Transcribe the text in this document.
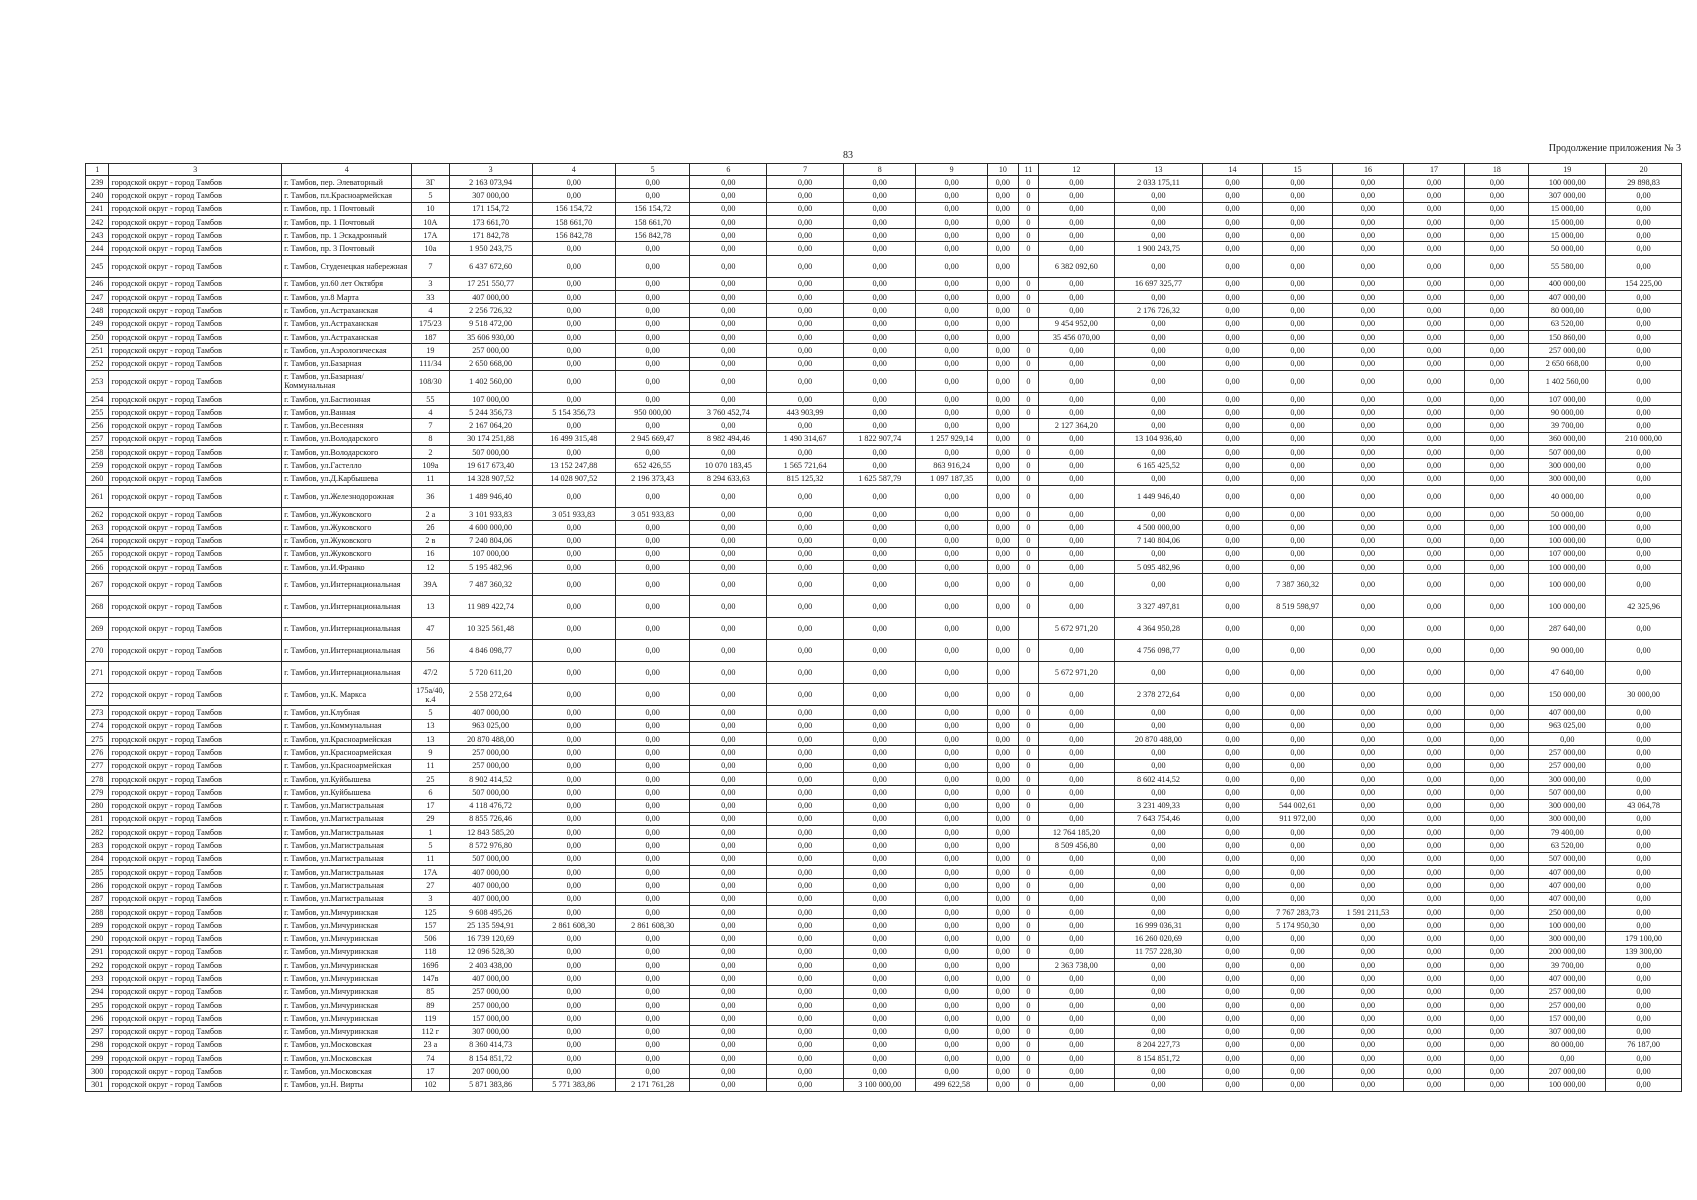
83
Продолжение приложения № 3
1	3	4		3	4	5	6	7	8	9	10	11	12	13	14	15	16	17	18	19	20
239	городской округ - город Тамбов	г. Тамбов, пер. Элеваторный	3Г	2 163 073,94	0,00	0,00	0,00	0,00	0,00	0,00	0,00	0	0,00	2 033 175,11	0,00	0,00	0,00	0,00	0,00	100 000,00	29 898,83
240	городской округ - город Тамбов	г. Тамбов, пл.Красноармейская	5	307 000,00	0,00	0,00	0,00	0,00	0,00	0,00	0,00	0	0,00	0,00	0,00	0,00	0,00	0,00	0,00	307 000,00	0,00
241	городской округ - город Тамбов	г. Тамбов, пр. 1 Почтовый	10	171 154,72	156 154,72	156 154,72	0,00	0,00	0,00	0,00	0,00	0	0,00	0,00	0,00	0,00	0,00	0,00	0,00	15 000,00	0,00
242	городской округ - город Тамбов	г. Тамбов, пр. 1 Почтовый	10А	173 661,70	158 661,70	158 661,70	0,00	0,00	0,00	0,00	0,00	0	0,00	0,00	0,00	0,00	0,00	0,00	0,00	15 000,00	0,00
243	городской округ - город Тамбов	г. Тамбов, пр. 1 Эскадронный	17А	171 842,78	156 842,78	156 842,78	0,00	0,00	0,00	0,00	0,00	0	0,00	0,00	0,00	0,00	0,00	0,00	0,00	15 000,00	0,00
244	городской округ - город Тамбов	г. Тамбов, пр. 3 Почтовый	10а	1 950 243,75	0,00	0,00	0,00	0,00	0,00	0,00	0,00	0	0,00	1 900 243,75	0,00	0,00	0,00	0,00	0,00	50 000,00	0,00
245	городской округ - город Тамбов	г. Тамбов, Студенецкая набережная	7	6 437 672,60	0,00	0,00	0,00	0,00	0,00	0,00	0,00		6 382 092,60	0,00	0,00	0,00	0,00	0,00	0,00	55 580,00	0,00
246	городской округ - город Тамбов	г. Тамбов, ул.60 лет Октября	3	17 251 550,77	0,00	0,00	0,00	0,00	0,00	0,00	0,00	0	0,00	16 697 325,77	0,00	0,00	0,00	0,00	0,00	400 000,00	154 225,00
247	городской округ - город Тамбов	г. Тамбов, ул.8 Марта	33	407 000,00	0,00	0,00	0,00	0,00	0,00	0,00	0,00	0	0,00	0,00	0,00	0,00	0,00	0,00	0,00	407 000,00	0,00
248	городской округ - город Тамбов	г. Тамбов, ул.Астраханская	4	2 256 726,32	0,00	0,00	0,00	0,00	0,00	0,00	0,00	0	0,00	2 176 726,32	0,00	0,00	0,00	0,00	0,00	80 000,00	0,00
249	городской округ - город Тамбов	г. Тамбов, ул.Астраханская	175/23	9 518 472,00	0,00	0,00	0,00	0,00	0,00	0,00	0,00		9 454 952,00	0,00	0,00	0,00	0,00	0,00	0,00	63 520,00	0,00
250	городской округ - город Тамбов	г. Тамбов, ул.Астраханская	187	35 606 930,00	0,00	0,00	0,00	0,00	0,00	0,00	0,00		35 456 070,00	0,00	0,00	0,00	0,00	0,00	0,00	150 860,00	0,00
251	городской округ - город Тамбов	г. Тамбов, ул.Аэрологическая	19	257 000,00	0,00	0,00	0,00	0,00	0,00	0,00	0,00	0	0,00	0,00	0,00	0,00	0,00	0,00	0,00	257 000,00	0,00
252	городской округ - город Тамбов	г. Тамбов, ул.Базарная	111/34	2 650 668,00	0,00	0,00	0,00	0,00	0,00	0,00	0,00	0	0,00	0,00	0,00	0,00	0,00	0,00	0,00	2 650 668,00	0,00
253	городской округ - город Тамбов	г. Тамбов, ул.Базарная/Коммунальная	108/30	1 402 560,00	0,00	0,00	0,00	0,00	0,00	0,00	0,00	0	0,00	0,00	0,00	0,00	0,00	0,00	0,00	1 402 560,00	0,00
254	городской округ - город Тамбов	г. Тамбов, ул.Бастионная	55	107 000,00	0,00	0,00	0,00	0,00	0,00	0,00	0,00	0	0,00	0,00	0,00	0,00	0,00	0,00	0,00	107 000,00	0,00
255	городской округ - город Тамбов	г. Тамбов, ул.Ванная	4	5 244 356,73	5 154 356,73	950 000,00	3 760 452,74	443 903,99	0,00	0,00	0,00	0	0,00	0,00	0,00	0,00	0,00	0,00	0,00	90 000,00	0,00
256	городской округ - город Тамбов	г. Тамбов, ул.Весенняя	7	2 167 064,20	0,00	0,00	0,00	0,00	0,00	0,00	0,00		2 127 364,20	0,00	0,00	0,00	0,00	0,00	0,00	39 700,00	0,00
257	городской округ - город Тамбов	г. Тамбов, ул.Володарского	8	30 174 251,88	16 499 315,48	2 945 669,47	8 982 494,46	1 490 314,67	1 822 907,74	1 257 929,14	0,00	0	0,00	13 104 936,40	0,00	0,00	0,00	0,00	0,00	360 000,00	210 000,00
258	городской округ - город Тамбов	г. Тамбов, ул.Володарского	2	507 000,00	0,00	0,00	0,00	0,00	0,00	0,00	0,00	0	0,00	0,00	0,00	0,00	0,00	0,00	0,00	507 000,00	0,00
259	городской округ - город Тамбов	г. Тамбов, ул.Гастелло	109а	19 617 673,40	13 152 247,88	652 426,55	10 070 183,45	1 565 721,64	0,00	863 916,24	0,00	0	0,00	6 165 425,52	0,00	0,00	0,00	0,00	0,00	300 000,00	0,00
260	городской округ - город Тамбов	г. Тамбов, ул.Д.Карбышева	11	14 328 907,52	14 028 907,52	2 196 373,43	8 294 633,63	815 125,32	1 625 587,79	1 097 187,35	0,00	0	0,00	0,00	0,00	0,00	0,00	0,00	0,00	300 000,00	0,00
261	городской округ - город Тамбов	г. Тамбов, ул.Железнодорожная	36	1 489 946,40	0,00	0,00	0,00	0,00	0,00	0,00	0,00	0	0,00	1 449 946,40	0,00	0,00	0,00	0,00	0,00	40 000,00	0,00
262	городской округ - город Тамбов	г. Тамбов, ул.Жуковского	2 а	3 101 933,83	3 051 933,83	3 051 933,83	0,00	0,00	0,00	0,00	0,00	0	0,00	0,00	0,00	0,00	0,00	0,00	0,00	50 000,00	0,00
263	городской округ - город Тамбов	г. Тамбов, ул.Жуковского	2б	4 600 000,00	0,00	0,00	0,00	0,00	0,00	0,00	0,00	0	0,00	4 500 000,00	0,00	0,00	0,00	0,00	0,00	100 000,00	0,00
264	городской округ - город Тамбов	г. Тамбов, ул.Жуковского	2 в	7 240 804,06	0,00	0,00	0,00	0,00	0,00	0,00	0,00	0	0,00	7 140 804,06	0,00	0,00	0,00	0,00	0,00	100 000,00	0,00
265	городской округ - город Тамбов	г. Тамбов, ул.Жуковского	16	107 000,00	0,00	0,00	0,00	0,00	0,00	0,00	0,00	0	0,00	0,00	0,00	0,00	0,00	0,00	0,00	107 000,00	0,00
266	городской округ - город Тамбов	г. Тамбов, ул.И.Франко	12	5 195 482,96	0,00	0,00	0,00	0,00	0,00	0,00	0,00	0	0,00	5 095 482,96	0,00	0,00	0,00	0,00	0,00	100 000,00	0,00
267	городской округ - город Тамбов	г. Тамбов, ул.Интернациональная	39А	7 487 360,32	0,00	0,00	0,00	0,00	0,00	0,00	0,00	0	0,00	0,00	0,00	7 387 360,32	0,00	0,00	0,00	100 000,00	0,00
268	городской округ - город Тамбов	г. Тамбов, ул.Интернациональная	13	11 989 422,74	0,00	0,00	0,00	0,00	0,00	0,00	0,00	0	0,00	3 327 497,81	0,00	8 519 598,97	0,00	0,00	0,00	100 000,00	42 325,96
269	городской округ - город Тамбов	г. Тамбов, ул.Интернациональная	47	10 325 561,48	0,00	0,00	0,00	0,00	0,00	0,00	0,00		5 672 971,20	4 364 950,28	0,00	0,00	0,00	0,00	0,00	287 640,00	0,00
270	городской округ - город Тамбов	г. Тамбов, ул.Интернациональная	56	4 846 098,77	0,00	0,00	0,00	0,00	0,00	0,00	0,00	0	0,00	4 756 098,77	0,00	0,00	0,00	0,00	0,00	90 000,00	0,00
271	городской округ - город Тамбов	г. Тамбов, ул.Интернациональная	47/2	5 720 611,20	0,00	0,00	0,00	0,00	0,00	0,00	0,00		5 672 971,20	0,00	0,00	0,00	0,00	0,00	0,00	47 640,00	0,00
272	городской округ - город Тамбов	г. Тамбов, ул.К. Маркса	175а/40, к.4	2 558 272,64	0,00	0,00	0,00	0,00	0,00	0,00	0,00	0	0,00	2 378 272,64	0,00	0,00	0,00	0,00	0,00	150 000,00	30 000,00
273	городской округ - город Тамбов	г. Тамбов, ул.Клубная	5	407 000,00	0,00	0,00	0,00	0,00	0,00	0,00	0,00	0	0,00	0,00	0,00	0,00	0,00	0,00	0,00	407 000,00	0,00
274	городской округ - город Тамбов	г. Тамбов, ул.Коммунальная	13	963 025,00	0,00	0,00	0,00	0,00	0,00	0,00	0,00	0	0,00	0,00	0,00	0,00	0,00	0,00	0,00	963 025,00	0,00
275	городской округ - город Тамбов	г. Тамбов, ул.Красноармейская	13	20 870 488,00	0,00	0,00	0,00	0,00	0,00	0,00	0,00	0	0,00	20 870 488,00	0,00	0,00	0,00	0,00	0,00	0,00	0,00
276	городской округ - город Тамбов	г. Тамбов, ул.Красноармейская	9	257 000,00	0,00	0,00	0,00	0,00	0,00	0,00	0,00	0	0,00	0,00	0,00	0,00	0,00	0,00	0,00	257 000,00	0,00
277	городской округ - город Тамбов	г. Тамбов, ул.Красноармейская	11	257 000,00	0,00	0,00	0,00	0,00	0,00	0,00	0,00	0	0,00	0,00	0,00	0,00	0,00	0,00	0,00	257 000,00	0,00
278	городской округ - город Тамбов	г. Тамбов, ул.Куйбышева	25	8 902 414,52	0,00	0,00	0,00	0,00	0,00	0,00	0,00	0	0,00	8 602 414,52	0,00	0,00	0,00	0,00	0,00	300 000,00	0,00
279	городской округ - город Тамбов	г. Тамбов, ул.Куйбышева	6	507 000,00	0,00	0,00	0,00	0,00	0,00	0,00	0,00	0	0,00	0,00	0,00	0,00	0,00	0,00	0,00	507 000,00	0,00
280	городской округ - город Тамбов	г. Тамбов, ул.Магистральная	17	4 118 476,72	0,00	0,00	0,00	0,00	0,00	0,00	0,00	0	0,00	3 231 409,33	0,00	544 002,61	0,00	0,00	0,00	300 000,00	43 064,78
281	городской округ - город Тамбов	г. Тамбов, ул.Магистральная	29	8 855 726,46	0,00	0,00	0,00	0,00	0,00	0,00	0,00	0	0,00	7 643 754,46	0,00	911 972,00	0,00	0,00	0,00	300 000,00	0,00
282	городской округ - город Тамбов	г. Тамбов, ул.Магистральная	1	12 843 585,20	0,00	0,00	0,00	0,00	0,00	0,00	0,00		12 764 185,20	0,00	0,00	0,00	0,00	0,00	0,00	79 400,00	0,00
283	городской округ - город Тамбов	г. Тамбов, ул.Магистральная	5	8 572 976,80	0,00	0,00	0,00	0,00	0,00	0,00	0,00		8 509 456,80	0,00	0,00	0,00	0,00	0,00	0,00	63 520,00	0,00
284	городской округ - город Тамбов	г. Тамбов, ул.Магистральная	11	507 000,00	0,00	0,00	0,00	0,00	0,00	0,00	0,00	0	0,00	0,00	0,00	0,00	0,00	0,00	0,00	507 000,00	0,00
285	городской округ - город Тамбов	г. Тамбов, ул.Магистральная	17А	407 000,00	0,00	0,00	0,00	0,00	0,00	0,00	0,00	0	0,00	0,00	0,00	0,00	0,00	0,00	0,00	407 000,00	0,00
286	городской округ - город Тамбов	г. Тамбов, ул.Магистральная	27	407 000,00	0,00	0,00	0,00	0,00	0,00	0,00	0,00	0	0,00	0,00	0,00	0,00	0,00	0,00	0,00	407 000,00	0,00
287	городской округ - город Тамбов	г. Тамбов, ул.Магистральная	3	407 000,00	0,00	0,00	0,00	0,00	0,00	0,00	0,00	0	0,00	0,00	0,00	0,00	0,00	0,00	0,00	407 000,00	0,00
288	городской округ - город Тамбов	г. Тамбов, ул.Мичуринская	125	9 608 495,26	0,00	0,00	0,00	0,00	0,00	0,00	0,00	0	0,00	0,00	0,00	7 767 283,73	1 591 211,53	0,00	0,00	250 000,00	0,00
289	городской округ - город Тамбов	г. Тамбов, ул.Мичуринская	157	25 135 594,91	2 861 608,30	2 861 608,30	0,00	0,00	0,00	0,00	0,00	0	0,00	16 999 036,31	0,00	5 174 950,30	0,00	0,00	0,00	100 000,00	0,00
290	городской округ - город Тамбов	г. Тамбов, ул.Мичуринская	506	16 739 120,69	0,00	0,00	0,00	0,00	0,00	0,00	0,00	0	0,00	16 260 020,69	0,00	0,00	0,00	0,00	0,00	300 000,00	179 100,00
291	городской округ - город Тамбов	г. Тамбов, ул.Мичуринская	118	12 096 528,30	0,00	0,00	0,00	0,00	0,00	0,00	0,00	0	0,00	11 757 228,30	0,00	0,00	0,00	0,00	0,00	200 000,00	139 300,00
292	городской округ - город Тамбов	г. Тамбов, ул.Мичуринская	169б	2 403 438,00	0,00	0,00	0,00	0,00	0,00	0,00	0,00		2 363 738,00	0,00	0,00	0,00	0,00	0,00	0,00	39 700,00	0,00
293	городской округ - город Тамбов	г. Тамбов, ул.Мичуринская	147в	407 000,00	0,00	0,00	0,00	0,00	0,00	0,00	0,00	0	0,00	0,00	0,00	0,00	0,00	0,00	0,00	407 000,00	0,00
294	городской округ - город Тамбов	г. Тамбов, ул.Мичуринская	85	257 000,00	0,00	0,00	0,00	0,00	0,00	0,00	0,00	0	0,00	0,00	0,00	0,00	0,00	0,00	0,00	257 000,00	0,00
295	городской округ - город Тамбов	г. Тамбов, ул.Мичуринская	89	257 000,00	0,00	0,00	0,00	0,00	0,00	0,00	0,00	0	0,00	0,00	0,00	0,00	0,00	0,00	0,00	257 000,00	0,00
296	городской округ - город Тамбов	г. Тамбов, ул.Мичуринская	119	157 000,00	0,00	0,00	0,00	0,00	0,00	0,00	0,00	0	0,00	0,00	0,00	0,00	0,00	0,00	0,00	157 000,00	0,00
297	городской округ - город Тамбов	г. Тамбов, ул.Мичуринская	112 г	307 000,00	0,00	0,00	0,00	0,00	0,00	0,00	0,00	0	0,00	0,00	0,00	0,00	0,00	0,00	0,00	307 000,00	0,00
298	городской округ - город Тамбов	г. Тамбов, ул.Московская	23 а	8 360 414,73	0,00	0,00	0,00	0,00	0,00	0,00	0,00	0	0,00	8 204 227,73	0,00	0,00	0,00	0,00	0,00	80 000,00	76 187,00
299	городской округ - город Тамбов	г. Тамбов, ул.Московская	74	8 154 851,72	0,00	0,00	0,00	0,00	0,00	0,00	0,00	0	0,00	8 154 851,72	0,00	0,00	0,00	0,00	0,00	0,00	0,00
300	городской округ - город Тамбов	г. Тамбов, ул.Московская	17	207 000,00	0,00	0,00	0,00	0,00	0,00	0,00	0,00	0	0,00	0,00	0,00	0,00	0,00	0,00	0,00	207 000,00	0,00
301	городской округ - город Тамбов	г. Тамбов, ул.Н. Вирты	102	5 871 383,86	5 771 383,86	2 171 761,28	0,00	0,00	3 100 000,00	499 622,58	0,00	0	0,00	0,00	0,00	0,00	0,00	0,00	0,00	100 000,00	0,00
